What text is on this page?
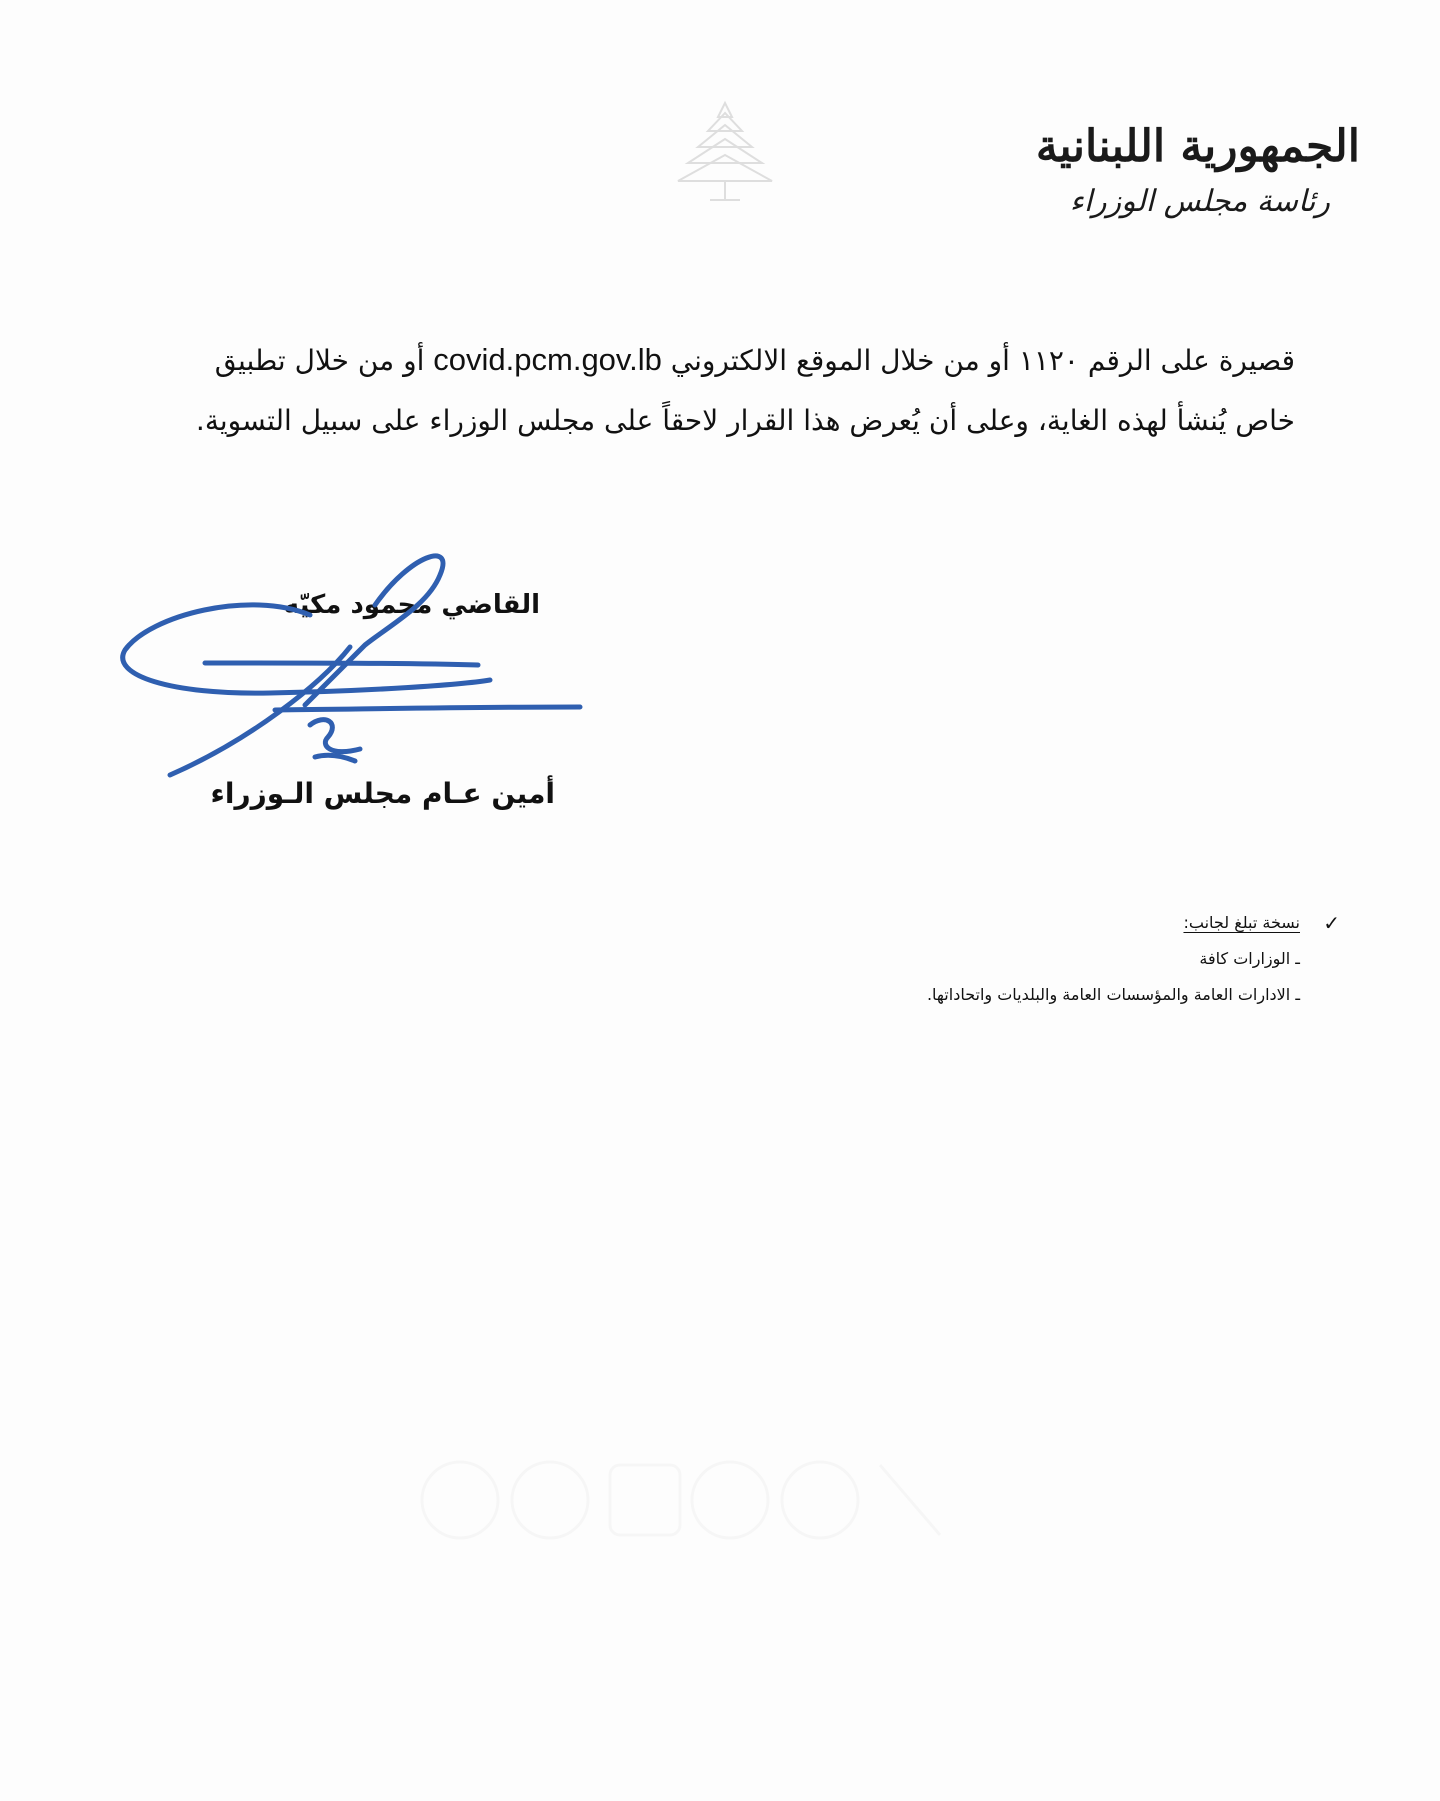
الجمهورية اللبنانية
رئاسة مجلس الوزراء
قصيرة على الرقم ١١٢٠ أو من خلال الموقع الالكتروني covid.pcm.gov.lb أو من خلال تطبيق
خاص يُنشأ لهذه الغاية، وعلى أن يُعرض هذا القرار لاحقاً على مجلس الوزراء على سبيل التسوية.
القاضي محمود مكيّه
أمين عـام مجلس الـوزراء
✓
نسخة تبلغ لجانب:
ـ الوزارات كافة
ـ الادارات العامة والمؤسسات العامة والبلديات واتحاداتها.
